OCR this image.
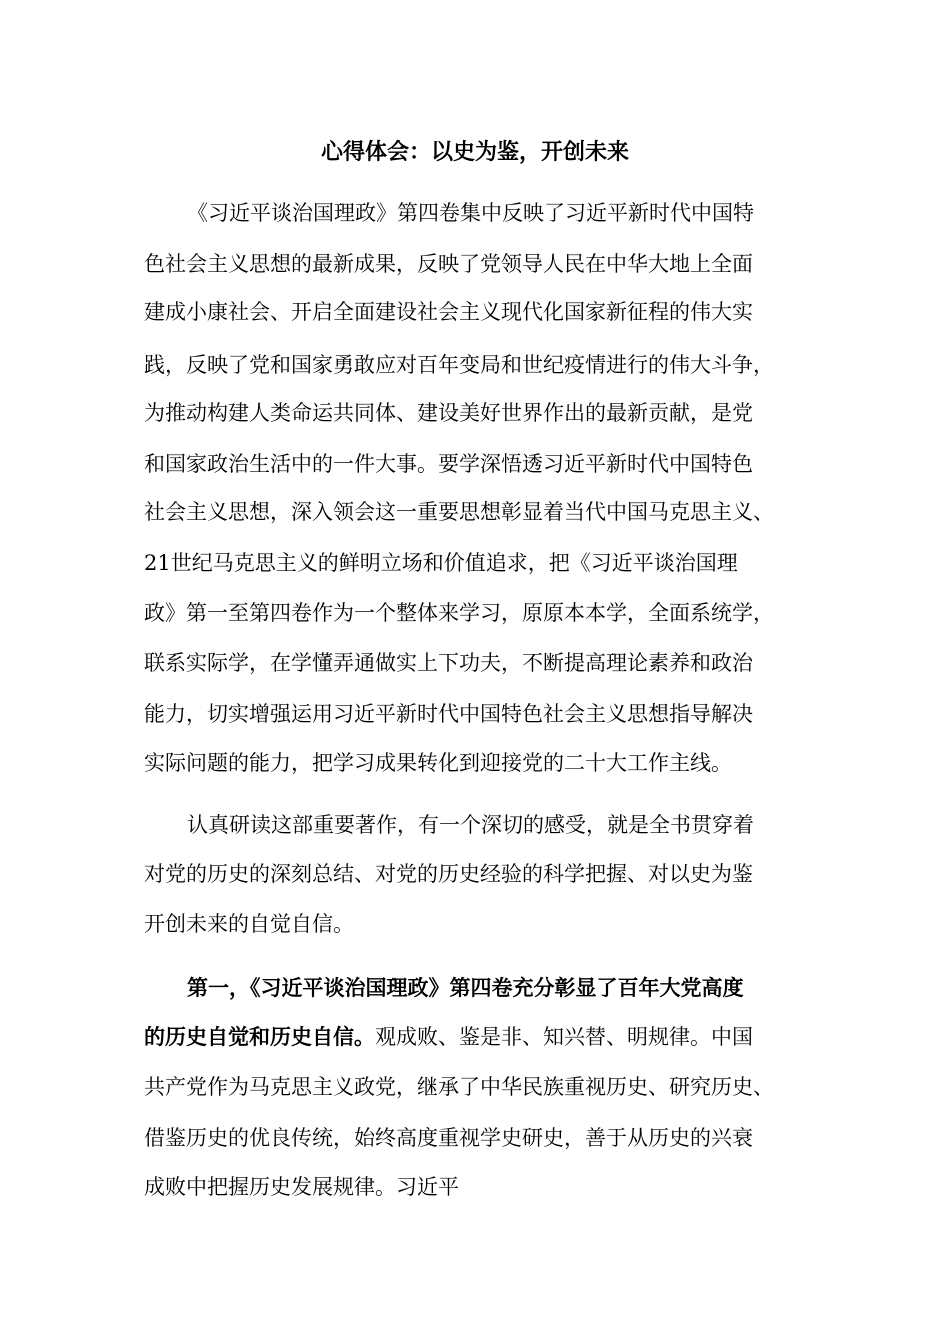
心得体会：以史为鉴，开创未来

《习近平谈治国理政》第四卷集中反映了习近平新时代中国特

色社会主义思想的最新成果，反映了党领导人民在中华大地上全面

建成小康社会、开启全面建设社会主义现代化国家新征程的伟大实

践，反映了党和国家勇敢应对百年变局和世纪疫情进行的伟大斗争，

为推动构建人类命运共同体、建设美好世界作出的最新贡献，是党

和国家政治生活中的一件大事。要学深悟透习近平新时代中国特色

社会主义思想，深入领会这一重要思想彰显着当代中国马克思主义、

21世纪马克思主义的鲜明立场和价值追求，把《习近平谈治国理

政》第一至第四卷作为一个整体来学习，原原本本学，全面系统学，

联系实际学，在学懂弄通做实上下功夫，不断提高理论素养和政治

能力，切实增强运用习近平新时代中国特色社会主义思想指导解决

实际问题的能力，把学习成果转化到迎接党的二十大工作主线。

认真研读这部重要著作，有一个深切的感受，就是全书贯穿着

对党的历史的深刻总结、对党的历史经验的科学把握、对以史为鉴

开创未来的自觉自信。

第一，《习近平谈治国理政》第四卷充分彰显了百年大党高度

的历史自觉和历史自信。观成败、鉴是非、知兴替、明规律。中国

共产党作为马克思主义政党，继承了中华民族重视历史、研究历史、

借鉴历史的优良传统，始终高度重视学史研史，善于从历史的兴衰

成败中把握历史发展规律。习近平
